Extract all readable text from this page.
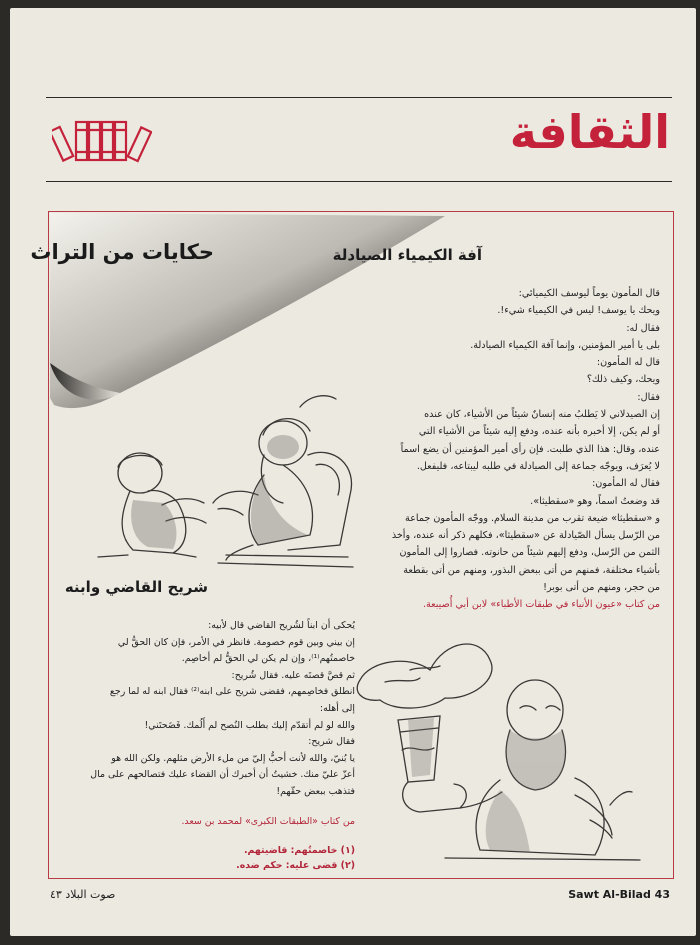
الثقافة
حكايات من التراث	آفة الكيمياء الصيادلة
قال المأمون يوماً ليوسف الكيميائي:
ويحك يا يوسف! ليس في الكيمياء شيء!.
فقال له:
بلى يا أمير المؤمنين، وإنما آفة الكيمياء الصيادلة.
قال له المأمون:
ويحك، وكيف ذلك؟
فقال:
إن الصيدلاني لا يَطلبُ منه إنسانٌ شيئاً من الأشياء، كان عنده
أو لم يكن، إلا أخبره بأنه عنده، ودفع إليه شيئاً من الأشياء التي
عنده، وقال: هذا الذي طلبت. فإن رأى أمير المؤمنين أن يضع اسماً
لا يُعرَف، ويوجّه جماعة إلى الصيادلة في طلبه ليبتاعه، فليفعل.
فقال له المأمون:
قد وضعتُ اسماً، وهو «سقطيثا».
و «سقطيثا» ضيعة تقرب من مدينة السلام. ووجّه المأمون جماعة
من الرّسل يسأل الصّيادلة عن «سقطيثا»، فكلهم ذكر أنه عنده، وأخذ
الثمن من الرّسل، ودفع إليهم شيئاً من حانوته. فصاروا إلى المأمون
بأشياء مختلفة، فمنهم من أتى ببعض البذور، ومنهم من أتى بقطعة
من حجر، ومنهم من أتى بوبر!
من كتاب «عيون الأنباء في طبقات الأطباء» لابن أبي أُصيبعة.
شريح القاضي وابنه
يُحكى أن ابناً لشُريح القاضي قال لأبيه:
إن بيني وبين قوم خصومة. فانظر في الأمر، فإن كان الحقُّ لي
خاصمتُهم⁽¹⁾، وإن لم يكن لي الحقُّ لم أخاصِم.
ثم قصَّ قصتَه عليه. فقال شُريح:
انطلق فخاصِمهم، فقضى شريح على ابنه⁽²⁾ فقال ابنه له لما رجع
إلى أهله:
والله لو لم أتقدّم إليك بطلب النُصح لم أَلُمك. فَضَحتَني!
فقال شريح:
يا بُنيّ، والله لأنت أحبُّ إليّ من ملء الأرض مثلهم. ولكن الله هو
أعزّ عليّ منك. خشيتُ أن أخبرك أن القضاء عليك فتصالحهم على مال
فتذهب ببعض حقّهم!
من كتاب «الطبقات الكبرى» لمحمد بن سعد.
(١) خاصمتُهم: قاضيتهم.
(٢) قضى عليه: حكم ضده.
صوت البلاد ٤٣	Sawt Al-Bilad 43
